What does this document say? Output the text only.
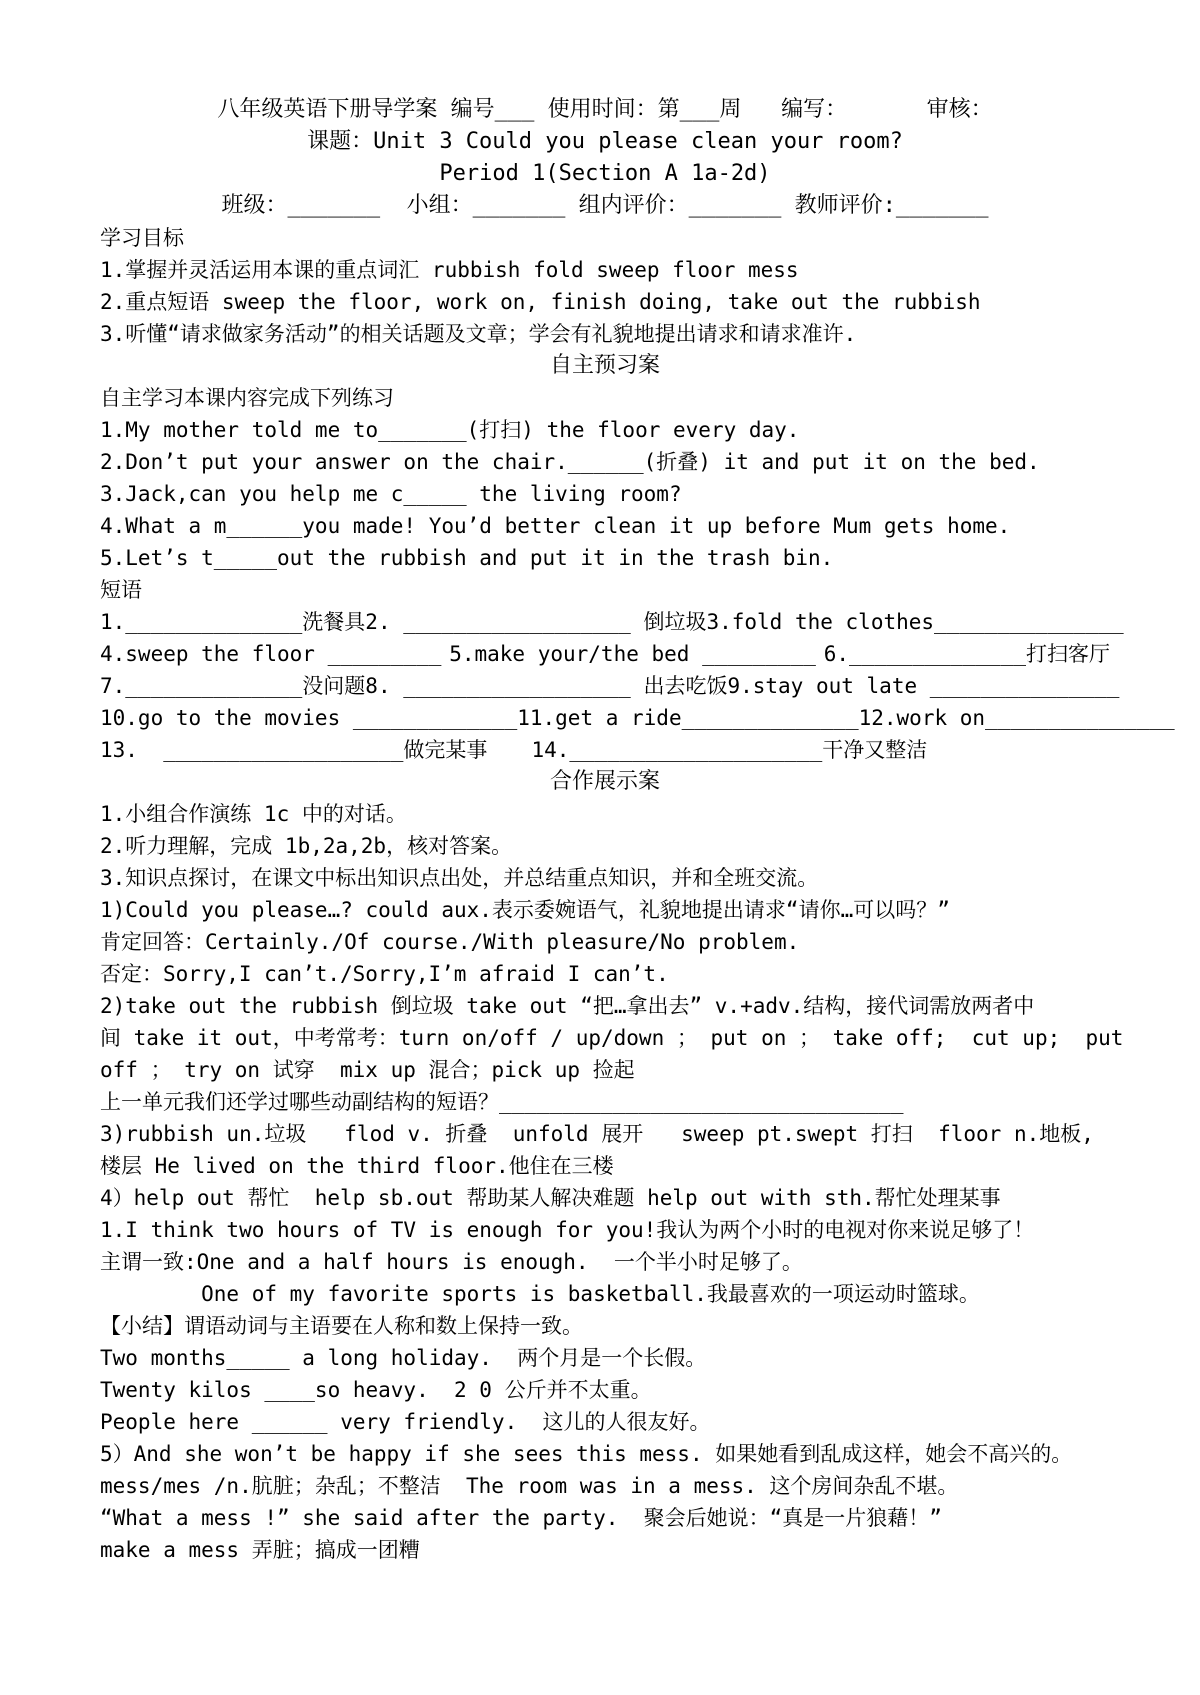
八年级英语下册导学案 编号___ 使用时间：第___周   编写：      审核：
课题：Unit 3 Could you please clean your room?
Period 1(Section A 1a-2d)
班级：_______  小组：_______ 组内评价：_______ 教师评价:_______
学习目标
1.掌握并灵活运用本课的重点词汇 rubbish fold sweep floor mess
2.重点短语 sweep the floor, work on, finish doing, take out the rubbish
3.听懂“请求做家务活动”的相关话题及文章；学会有礼貌地提出请求和请求准许.
自主预习案
自主学习本课内容完成下列练习
1.My mother told me to_______(打扫) the floor every day.
2.Don’t put your answer on the chair.______(折叠) it and put it on the bed.
3.Jack,can you help me c_____ the living room?
4.What a m______you made! You’d better clean it up before Mum gets home.
5.Let’s t_____out the rubbish and put it in the trash bin.
短语
1.______________洗餐具 2. __________________ 倒垃圾 3.fold the clothes_______________
4.sweep the floor _________ 5.make your/the bed _________ 6.______________打扫客厅
7.______________没问题 8. __________________ 出去吃饭 9.stay out late _______________
10.go to the movies _____________ 11.get a ride______________ 12.work on_______________
13.  ___________________做完某事 14.____________________干净又整洁
合作展示案
1.小组合作演练 1c 中的对话。
2.听力理解，完成 1b,2a,2b，核对答案。
3.知识点探讨，在课文中标出知识点出处，并总结重点知识，并和全班交流。
1)Could you please…? could aux.表示委婉语气，礼貌地提出请求“请你…可以吗？”
肯定回答：Certainly./Of course./With pleasure/No problem.
否定：Sorry,I can’t./Sorry,I’m afraid I can’t.
2)take out the rubbish 倒垃圾 take out “把…拿出去” v.+adv.结构，接代词需放两者中
间 take it out，中考常考：turn on/off / up/down ； put on ； take off;  cut up;  put
off ； try on 试穿  mix up 混合；pick up 捡起
上一单元我们还学过哪些动副结构的短语？________________________________
3)rubbish un.垃圾   flod v. 折叠  unfold 展开   sweep pt.swept 打扫  floor n.地板,
楼层 He lived on the third floor.他住在三楼
4）help out 帮忙  help sb.out 帮助某人解决难题 help out with sth.帮忙处理某事
1.I think two hours of TV is enough for you!我认为两个小时的电视对你来说足够了！
主谓一致:One and a half hours is enough.  一个半小时足够了。
One of my favorite sports is basketball.我最喜欢的一项运动时篮球。
【小结】谓语动词与主语要在人称和数上保持一致。
Two months_____ a long holiday.  两个月是一个长假。
Twenty kilos ____so heavy.  2 0 公斤并不太重。
People here ______ very friendly.  这儿的人很友好。
5）And she won’t be happy if she sees this mess. 如果她看到乱成这样，她会不高兴的。
mess/mes /n.肮脏；杂乱；不整洁  The room was in a mess. 这个房间杂乱不堪。
“What a mess !” she said after the party.  聚会后她说：“真是一片狼藉！”
make a mess 弄脏；搞成一团糟
